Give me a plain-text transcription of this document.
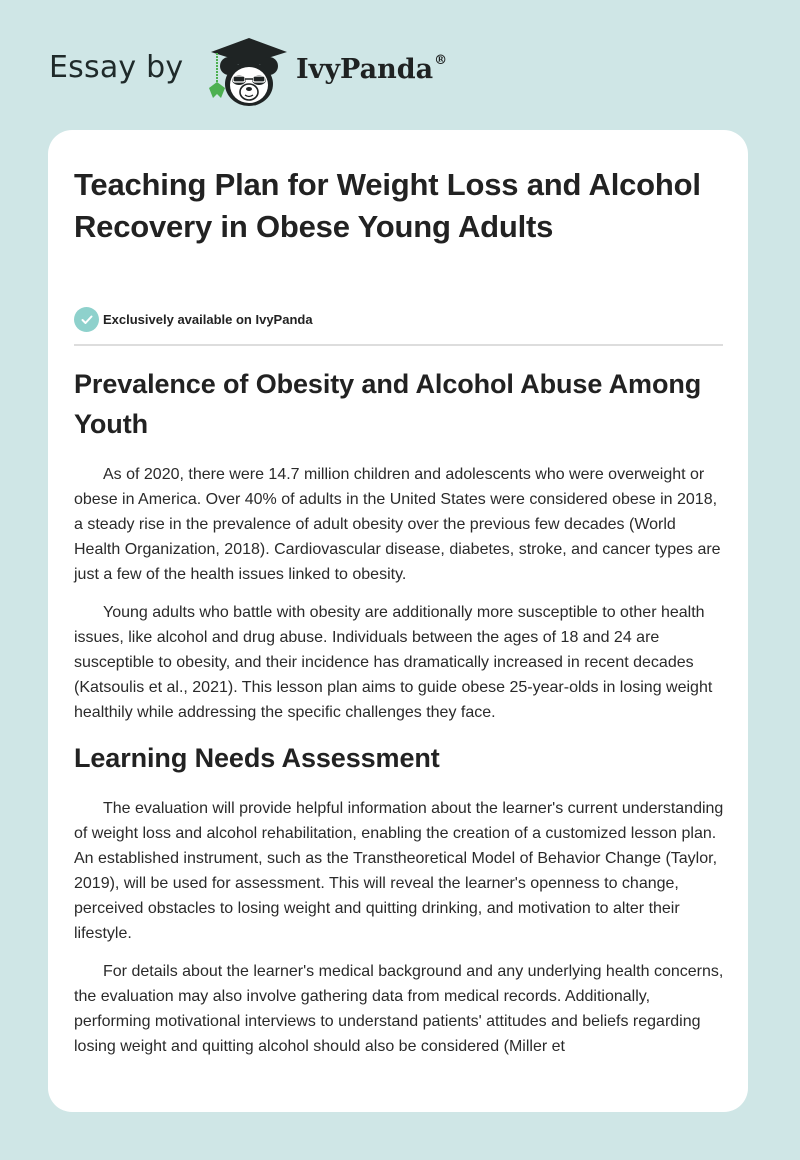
Essay by	IvyPanda®
Teaching Plan for Weight Loss and Alcohol Recovery in Obese Young Adults
Exclusively available on IvyPanda
Prevalence of Obesity and Alcohol Abuse Among Youth

As of 2020, there were 14.7 million children and adolescents who were overweight or obese in America. Over 40% of adults in the United States were considered obese in 2018, a steady rise in the prevalence of adult obesity over the previous few decades (World Health Organization, 2018). Cardiovascular disease, diabetes, stroke, and cancer types are just a few of the health issues linked to obesity.

Young adults who battle with obesity are additionally more susceptible to other health issues, like alcohol and drug abuse. Individuals between the ages of 18 and 24 are susceptible to obesity, and their incidence has dramatically increased in recent decades (Katsoulis et al., 2021). This lesson plan aims to guide obese 25-year-olds in losing weight healthily while addressing the specific challenges they face.

Learning Needs Assessment

The evaluation will provide helpful information about the learner's current understanding of weight loss and alcohol rehabilitation, enabling the creation of a customized lesson plan. An established instrument, such as the Transtheoretical Model of Behavior Change (Taylor, 2019), will be used for assessment. This will reveal the learner's openness to change, perceived obstacles to losing weight and quitting drinking, and motivation to alter their lifestyle.

For details about the learner's medical background and any underlying health concerns, the evaluation may also involve gathering data from medical records. Additionally, performing motivational interviews to understand patients' attitudes and beliefs regarding losing weight and quitting alcohol should also be considered (Miller et
